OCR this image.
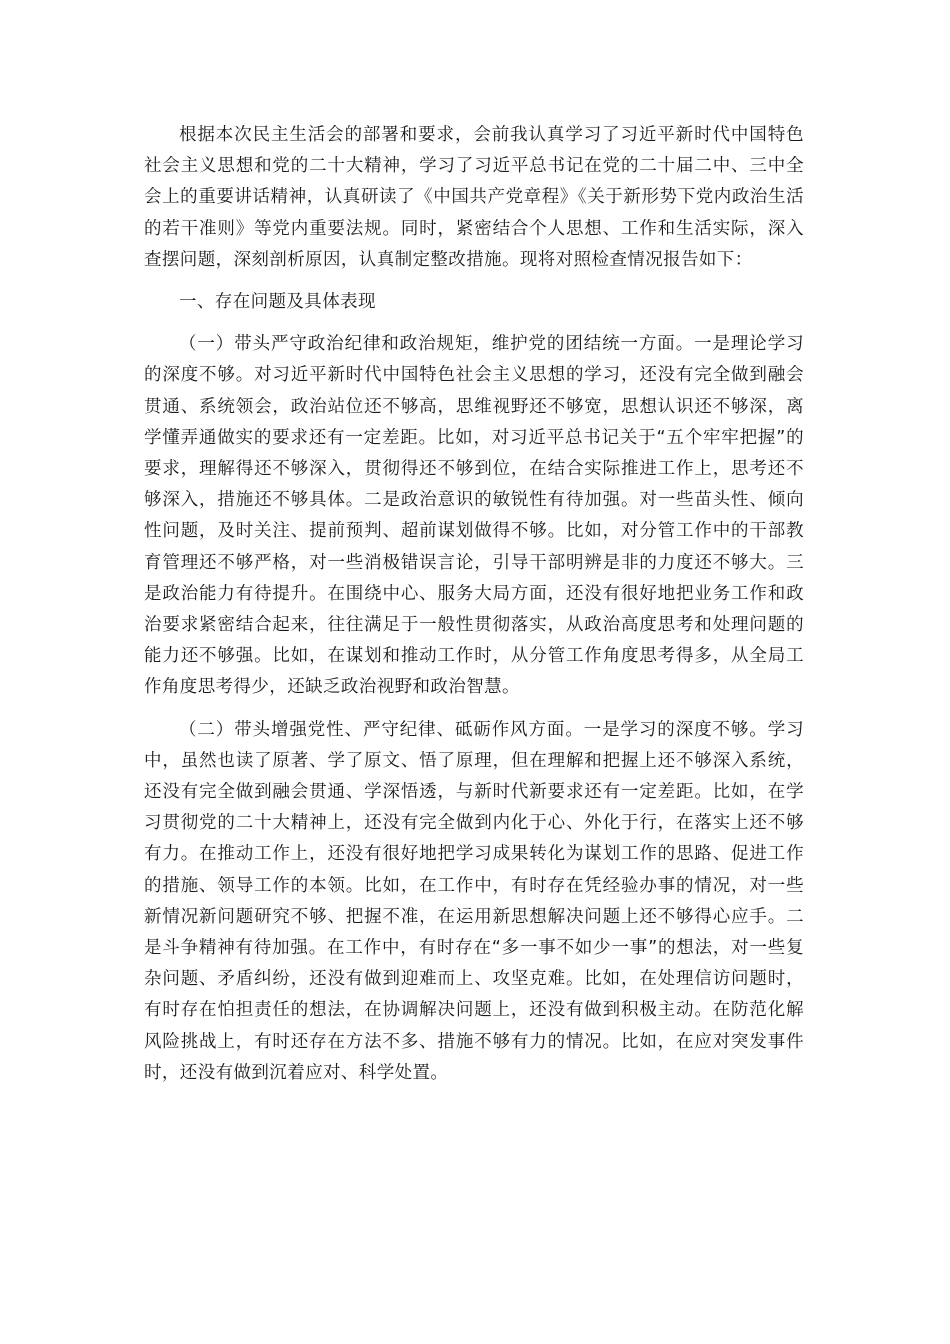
根据本次民主生活会的部署和要求，会前我认真学习了习近平新时代中国特色社会主义思想和党的二十大精神，学习了习近平总书记在党的二十届二中、三中全会上的重要讲话精神，认真研读了《中国共产党章程》《关于新形势下党内政治生活的若干准则》等党内重要法规。同时，紧密结合个人思想、工作和生活实际，深入查摆问题，深刻剖析原因，认真制定整改措施。现将对照检查情况报告如下：

一、存在问题及具体表现

（一）带头严守政治纪律和政治规矩，维护党的团结统一方面。一是理论学习的深度不够。对习近平新时代中国特色社会主义思想的学习，还没有完全做到融会贯通、系统领会，政治站位还不够高，思维视野还不够宽，思想认识还不够深，离学懂弄通做实的要求还有一定差距。比如，对习近平总书记关于“五个牢牢把握”的要求，理解得还不够深入，贯彻得还不够到位，在结合实际推进工作上，思考还不够深入，措施还不够具体。二是政治意识的敏锐性有待加强。对一些苗头性、倾向性问题，及时关注、提前预判、超前谋划做得不够。比如，对分管工作中的干部教育管理还不够严格，对一些消极错误言论，引导干部明辨是非的力度还不够大。三是政治能力有待提升。在围绕中心、服务大局方面，还没有很好地把业务工作和政治要求紧密结合起来，往往满足于一般性贯彻落实，从政治高度思考和处理问题的能力还不够强。比如，在谋划和推动工作时，从分管工作角度思考得多，从全局工作角度思考得少，还缺乏政治视野和政治智慧。

（二）带头增强党性、严守纪律、砥砺作风方面。一是学习的深度不够。学习中，虽然也读了原著、学了原文、悟了原理，但在理解和把握上还不够深入系统，还没有完全做到融会贯通、学深悟透，与新时代新要求还有一定差距。比如，在学习贯彻党的二十大精神上，还没有完全做到内化于心、外化于行，在落实上还不够有力。在推动工作上，还没有很好地把学习成果转化为谋划工作的思路、促进工作的措施、领导工作的本领。比如，在工作中，有时存在凭经验办事的情况，对一些新情况新问题研究不够、把握不准，在运用新思想解决问题上还不够得心应手。二是斗争精神有待加强。在工作中，有时存在“多一事不如少一事”的想法，对一些复杂问题、矛盾纠纷，还没有做到迎难而上、攻坚克难。比如，在处理信访问题时，有时存在怕担责任的想法，在协调解决问题上，还没有做到积极主动。在防范化解风险挑战上，有时还存在方法不多、措施不够有力的情况。比如，在应对突发事件时，还没有做到沉着应对、科学处置。
